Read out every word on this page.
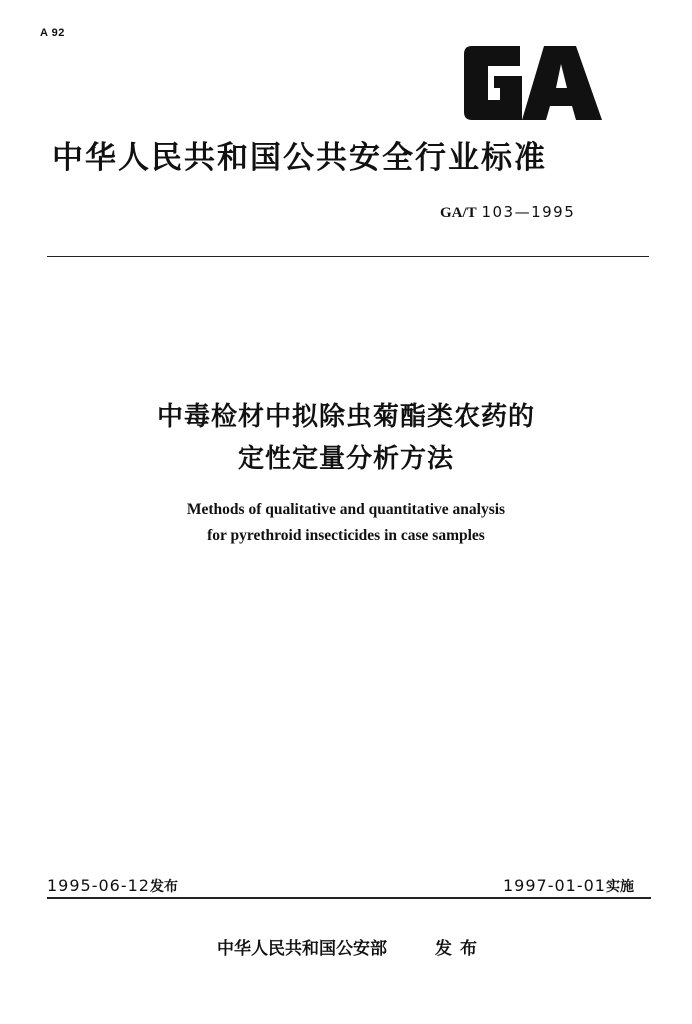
A 92
中华人民共和国公共安全行业标准
GA/T 103—1995
中毒检材中拟除虫菊酯类农药的
定性定量分析方法
Methods of qualitative and quantitative analysis
for pyrethroid insecticides in case samples
1995-06-12发布	1997-01-01实施
中华人民共和国公安部	发布
